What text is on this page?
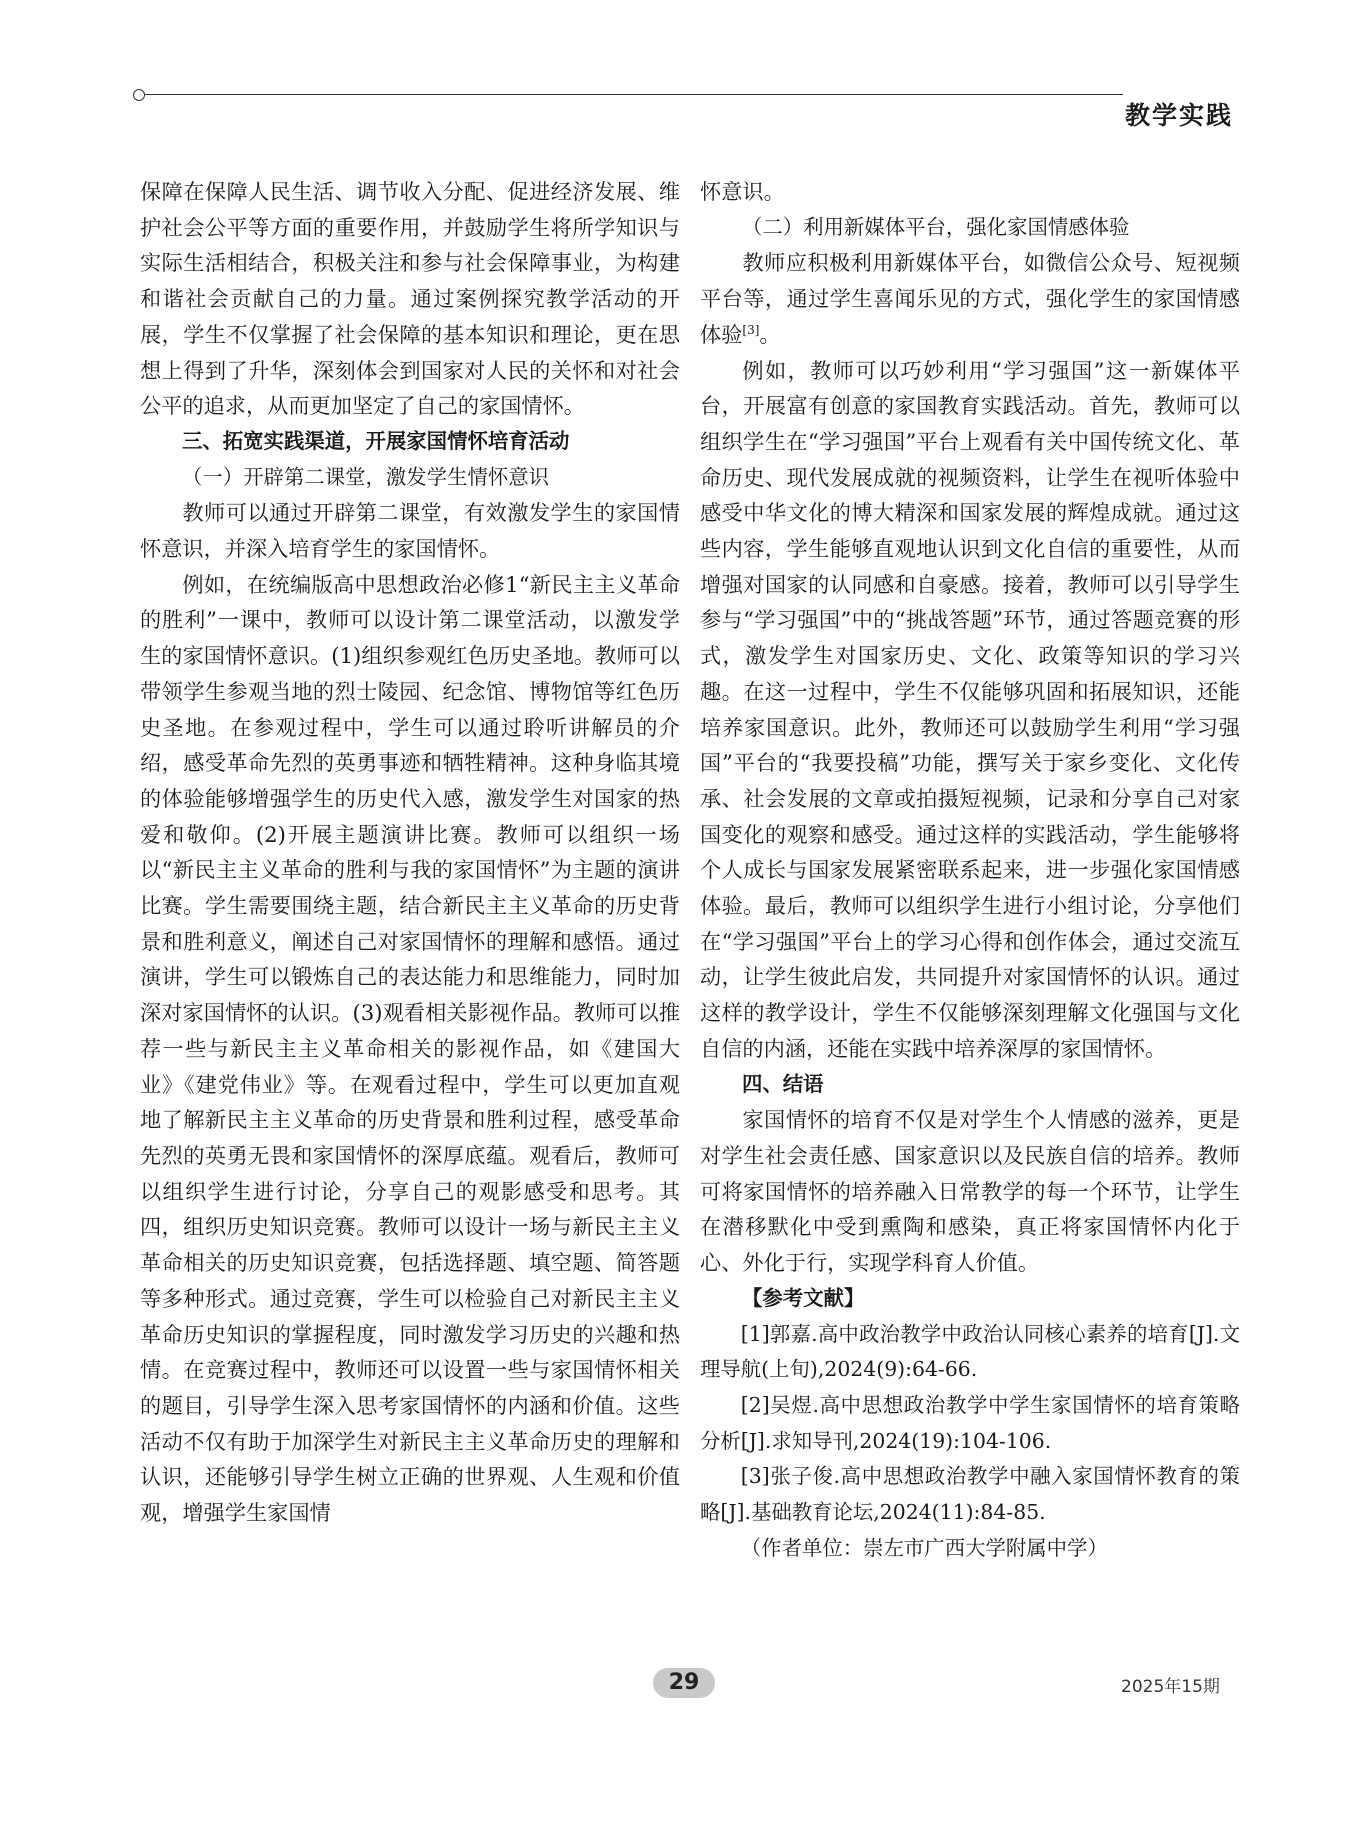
教学实践

保障在保障人民生活、调节收入分配、促进经济发展、维护社会公平等方面的重要作用，并鼓励学生将所学知识与实际生活相结合，积极关注和参与社会保障事业，为构建和谐社会贡献自己的力量。通过案例探究教学活动的开展，学生不仅掌握了社会保障的基本知识和理论，更在思想上得到了升华，深刻体会到国家对人民的关怀和对社会公平的追求，从而更加坚定了自己的家国情怀。

三、拓宽实践渠道，开展家国情怀培育活动

（一）开辟第二课堂，激发学生情怀意识

教师可以通过开辟第二课堂，有效激发学生的家国情怀意识，并深入培育学生的家国情怀。

例如，在统编版高中思想政治必修1“新民主主义革命的胜利”一课中，教师可以设计第二课堂活动，以激发学生的家国情怀意识。(1)组织参观红色历史圣地。教师可以带领学生参观当地的烈士陵园、纪念馆、博物馆等红色历史圣地。在参观过程中，学生可以通过聆听讲解员的介绍，感受革命先烈的英勇事迹和牺牲精神。这种身临其境的体验能够增强学生的历史代入感，激发学生对国家的热爱和敬仰。(2)开展主题演讲比赛。教师可以组织一场以“新民主主义革命的胜利与我的家国情怀”为主题的演讲比赛。学生需要围绕主题，结合新民主主义革命的历史背景和胜利意义，阐述自己对家国情怀的理解和感悟。通过演讲，学生可以锻炼自己的表达能力和思维能力，同时加深对家国情怀的认识。(3)观看相关影视作品。教师可以推荐一些与新民主主义革命相关的影视作品，如《建国大业》《建党伟业》等。在观看过程中，学生可以更加直观地了解新民主主义革命的历史背景和胜利过程，感受革命先烈的英勇无畏和家国情怀的深厚底蕴。观看后，教师可以组织学生进行讨论，分享自己的观影感受和思考。其四，组织历史知识竞赛。教师可以设计一场与新民主主义革命相关的历史知识竞赛，包括选择题、填空题、简答题等多种形式。通过竞赛，学生可以检验自己对新民主主义革命历史知识的掌握程度，同时激发学习历史的兴趣和热情。在竞赛过程中，教师还可以设置一些与家国情怀相关的题目，引导学生深入思考家国情怀的内涵和价值。这些活动不仅有助于加深学生对新民主主义革命历史的理解和认识，还能够引导学生树立正确的世界观、人生观和价值观，增强学生家国情

怀意识。

（二）利用新媒体平台，强化家国情感体验

教师应积极利用新媒体平台，如微信公众号、短视频平台等，通过学生喜闻乐见的方式，强化学生的家国情感体验[3]。

例如，教师可以巧妙利用“学习强国”这一新媒体平台，开展富有创意的家国教育实践活动。首先，教师可以组织学生在“学习强国”平台上观看有关中国传统文化、革命历史、现代发展成就的视频资料，让学生在视听体验中感受中华文化的博大精深和国家发展的辉煌成就。通过这些内容，学生能够直观地认识到文化自信的重要性，从而增强对国家的认同感和自豪感。接着，教师可以引导学生参与“学习强国”中的“挑战答题”环节，通过答题竞赛的形式，激发学生对国家历史、文化、政策等知识的学习兴趣。在这一过程中，学生不仅能够巩固和拓展知识，还能培养家国意识。此外，教师还可以鼓励学生利用“学习强国”平台的“我要投稿”功能，撰写关于家乡变化、文化传承、社会发展的文章或拍摄短视频，记录和分享自己对家国变化的观察和感受。通过这样的实践活动，学生能够将个人成长与国家发展紧密联系起来，进一步强化家国情感体验。最后，教师可以组织学生进行小组讨论，分享他们在“学习强国”平台上的学习心得和创作体会，通过交流互动，让学生彼此启发，共同提升对家国情怀的认识。通过这样的教学设计，学生不仅能够深刻理解文化强国与文化自信的内涵，还能在实践中培养深厚的家国情怀。

四、结语

家国情怀的培育不仅是对学生个人情感的滋养，更是对学生社会责任感、国家意识以及民族自信的培养。教师可将家国情怀的培养融入日常教学的每一个环节，让学生在潜移默化中受到熏陶和感染，真正将家国情怀内化于心、外化于行，实现学科育人价值。

【参考文献】

[1]郭嘉.高中政治教学中政治认同核心素养的培育[J].文理导航(上旬),2024(9):64-66.

[2]吴煜.高中思想政治教学中学生家国情怀的培育策略分析[J].求知导刊,2024(19):104-106.

[3]张子俊.高中思想政治教学中融入家国情怀教育的策略[J].基础教育论坛,2024(11):84-85.

（作者单位：崇左市广西大学附属中学）

29	2025年15期
